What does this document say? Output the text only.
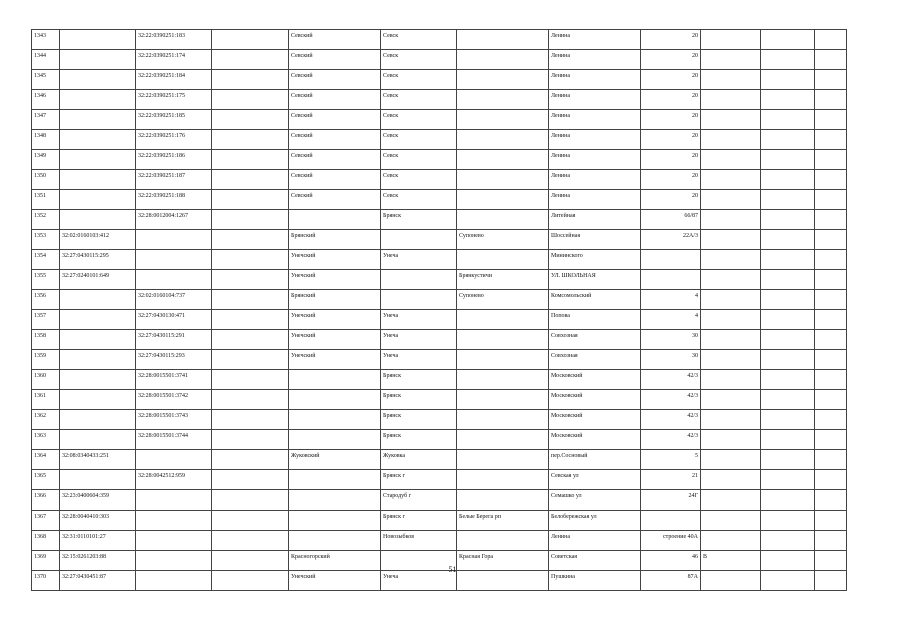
1343		32:22:0390251:183		Севский	Севск		Ленина	20			
1344		32:22:0390251:174		Севский	Севск		Ленина	20			
1345		32:22:0390251:184		Севский	Севск		Ленина	20			
1346		32:22:0390251:175		Севский	Севск		Ленина	20			
1347		32:22:0390251:185		Севский	Севск		Ленина	20			
1348		32:22:0390251:176		Севский	Севск		Ленина	20			
1349		32:22:0390251:186		Севский	Севск		Ленина	20			
1350		32:22:0390251:187		Севский	Севск		Ленина	20			
1351		32:22:0390251:188		Севский	Севск		Ленина	20			
1352		32:28:0012004:1267			Брянск		Литейная	66/87			
1353	32:02:0160103:412			Брянский		Супонево	Шоссейная	22А/3			
1354	32:27:0430115:295			Унечский	Унеча		Мининского				
1355	32:27:0240101:649			Унечский		Брянкустичи	УЛ. ШКОЛЬНАЯ				
1356		32:02:0160104:737		Брянский		Супонево	Комсомольский	4			
1357		32:27:0430130:471		Унечский	Унеча		Попова	4			
1358		32:27:0430115:291		Унечский	Унеча		Совхозная	30			
1359		32:27:0430115:293		Унечский	Унеча		Совхозная	30			
1360		32:28:0015501:3741			Брянск		Московский	42/3			
1361		32:28:0015501:3742			Брянск		Московский	42/3			
1362		32:28:0015501:3743			Брянск		Московский	42/3			
1363		32:28:0015501:3744			Брянск		Московский	42/3			
1364	32:08:0340433:251			Жуковский	Жуковка		пер.Сосновый	5			
1365		32:28:0042512:959			Брянск г		Севская ул	21			
1366	32:23:0400604:359				Стародуб г		Семашко ул	24Г			
1367	32:28:0040410:303				Брянск г	Белые Берега рп	Белобережская ул				
1368	32:31:0110101:27				Новозыбков		Ленина	строение 40А			
1369	32:15:0261203:88			Красногорский		Красная Гора	Советская	46	В		
1370	32:27:0430451:87			Унечский	Унеча		Пушкина	87А			
51
